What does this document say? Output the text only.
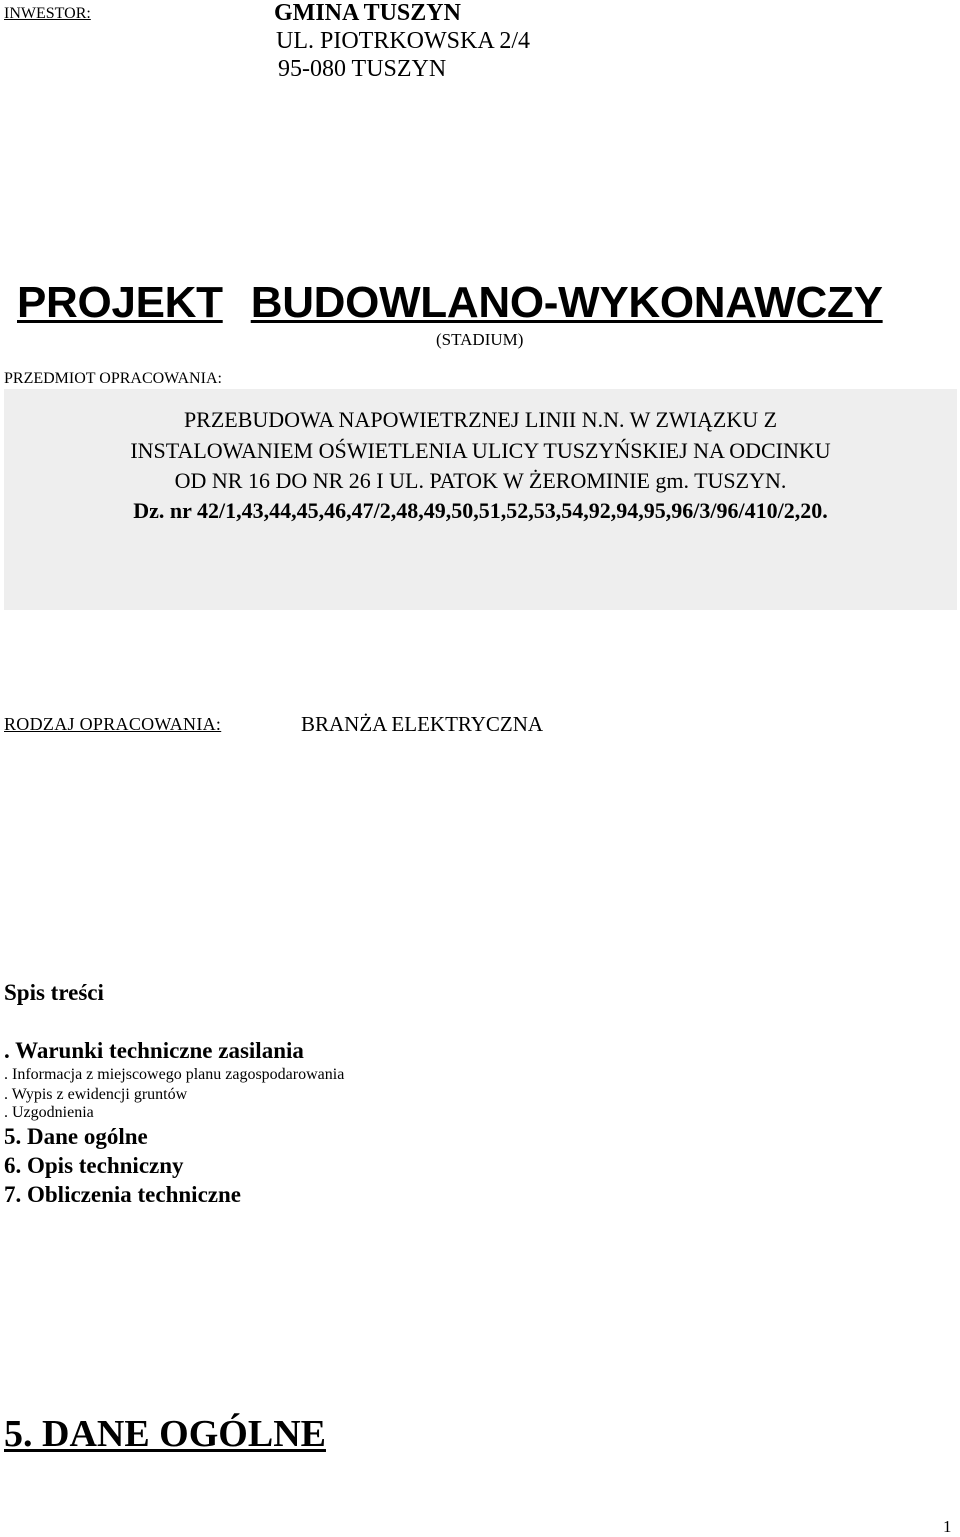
INWESTOR:	GMINA TUSZYN
UL. PIOTRKOWSKA 2/4
95-080 TUSZYN
PROJEKT BUDOWLANO-WYKONAWCZY
(STADIUM)
PRZEDMIOT OPRACOWANIA:
PRZEBUDOWA NAPOWIETRZNEJ LINII N.N. W ZWIĄZKU Z
INSTALOWANIEM OŚWIETLENIA ULICY TUSZYŃSKIEJ NA ODCINKU
OD NR 16 DO NR 26 I UL. PATOK W ŻEROMINIE gm. TUSZYN.
Dz. nr 42/1,43,44,45,46,47/2,48,49,50,51,52,53,54,92,94,95,96/3/96/410/2,20.
RODZAJ OPRACOWANIA:	BRANŻA ELEKTRYCZNA
Spis treści
. Warunki techniczne zasilania
. Informacja z miejscowego planu zagospodarowania
. Wypis z ewidencji gruntów
. Uzgodnienia
5. Dane ogólne
6. Opis techniczny
7. Obliczenia techniczne
5. DANE OGÓLNE
1
